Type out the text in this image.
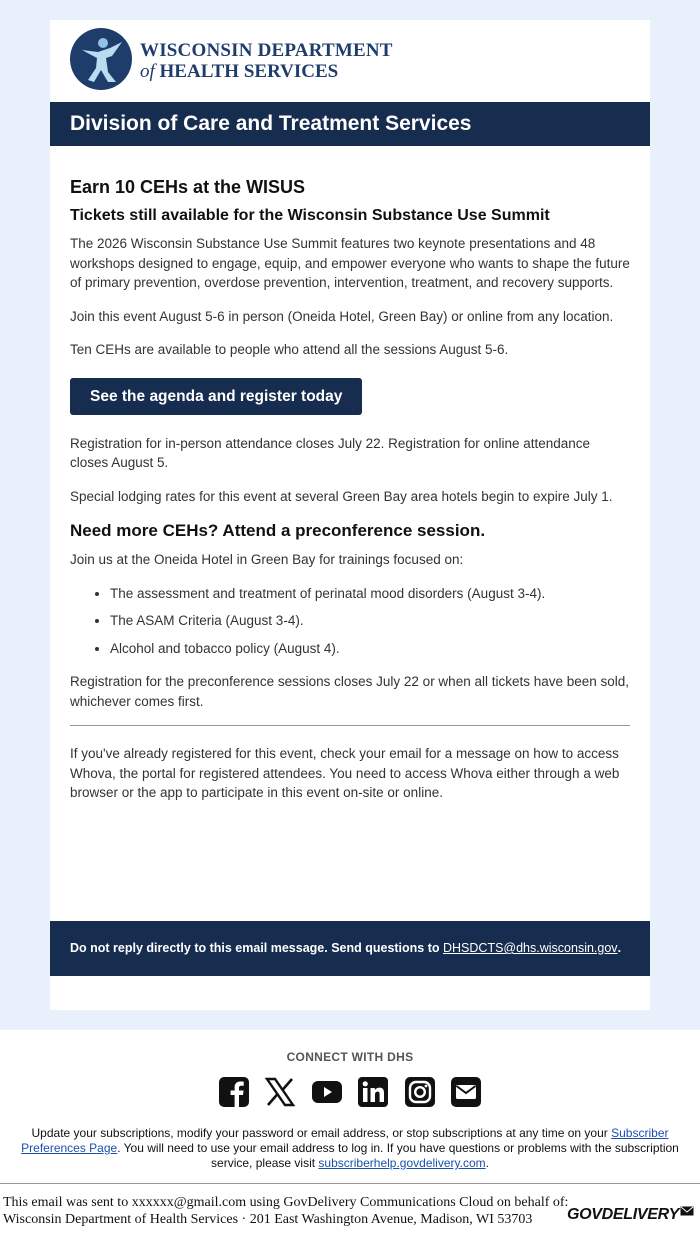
WISCONSIN DEPARTMENT
of HEALTH SERVICES
Division of Care and Treatment Services
Earn 10 CEHs at the WISUS
Tickets still available for the Wisconsin Substance Use Summit

The 2026 Wisconsin Substance Use Summit features two keynote presentations and 48 workshops designed to engage, equip, and empower everyone who wants to shape the future of primary prevention, overdose prevention, intervention, treatment, and recovery supports.

Join this event August 5-6 in person (Oneida Hotel, Green Bay) or online from any location.

Ten CEHs are available to people who attend all the sessions August 5-6.

See the agenda and register today

Registration for in-person attendance closes July 22. Registration for online attendance closes August 5.

Special lodging rates for this event at several Green Bay area hotels begin to expire July 1.

Need more CEHs? Attend a preconference session.

Join us at the Oneida Hotel in Green Bay for trainings focused on:

• The assessment and treatment of perinatal mood disorders (August 3-4).
• The ASAM Criteria (August 3-4).
• Alcohol and tobacco policy (August 4).

Registration for the preconference sessions closes July 22 or when all tickets have been sold, whichever comes first.

If you've already registered for this event, check your email for a message on how to access Whova, the portal for registered attendees. You need to access Whova either through a web browser or the app to participate in this event on-site or online.

Do not reply directly to this email message. Send questions to DHSDCTS@dhs.wisconsin.gov.
CONNECT WITH DHS

Update your subscriptions, modify your password or email address, or stop subscriptions at any time on your Subscriber Preferences Page. You will need to use your email address to log in. If you have questions or problems with the subscription service, please visit subscriberhelp.govdelivery.com.
This email was sent to xxxxxx@gmail.com using GovDelivery Communications Cloud on behalf of: Wisconsin Department of Health Services · 201 East Washington Avenue, Madison, WI 53703	GOVDELIVERY
